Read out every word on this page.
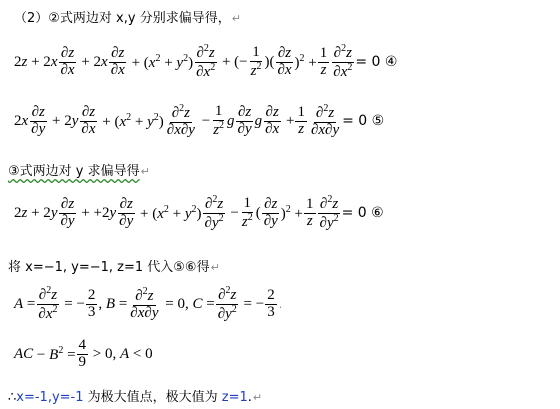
（2）②式两边对 x,y 分别求偏导得，↵
$2z + 2x \frac{\partial z}{\partial x} + 2x \frac{\partial z}{\partial x} + (x^2 + y^2) \frac{\partial^2z}{\partial x^2}$ + (− $\frac{1}{z^2}$ )( $\frac{\partial z}{\partial x} )^2 + \frac{1}{z} \frac{\partial^2z}{\partial x^2} = 0$ ④
$2x \frac{\partial z}{\partial y} + 2y \frac{\partial z}{\partial x} + (x^2 + y^2) \frac{\partial^2z}{\partial x\partial y} - \frac{1}{z^2}$ g $\frac{\partial z}{\partial y}$ g $\frac{\partial z}{\partial x} + \frac{1}{z} \frac{\partial^2z}{\partial x\partial y} = 0$ ⑤
③式两边对 y 求偏导得↵
$2z + 2y \frac{\partial z}{\partial y} + +2y \frac{\partial z}{\partial y} + (x^2 + y^2) \frac{\partial^2z}{\partial y^2} - \frac{1}{z^2}$ ( $\frac{\partial z}{\partial y} )^2 + \frac{1}{z} \frac{\partial^2z}{\partial y^2} = 0$ ⑥
将 x=−1, y=−1, z=1 代入⑤⑥得↵
$A = \frac{\partial^2z}{\partial x^2}$ = − $\frac{2}{3}$ , $B = \frac{\partial^2z}{\partial x\partial y} = 0$, $C = \frac{\partial^2z}{\partial y^2}$ = − $\frac{2}{3}$ .
AC − $B^2 = \frac{4}{9} > 0$, A < 0
∴x=-1,y=-1 为极大值点，极大值为 z=1.↵
